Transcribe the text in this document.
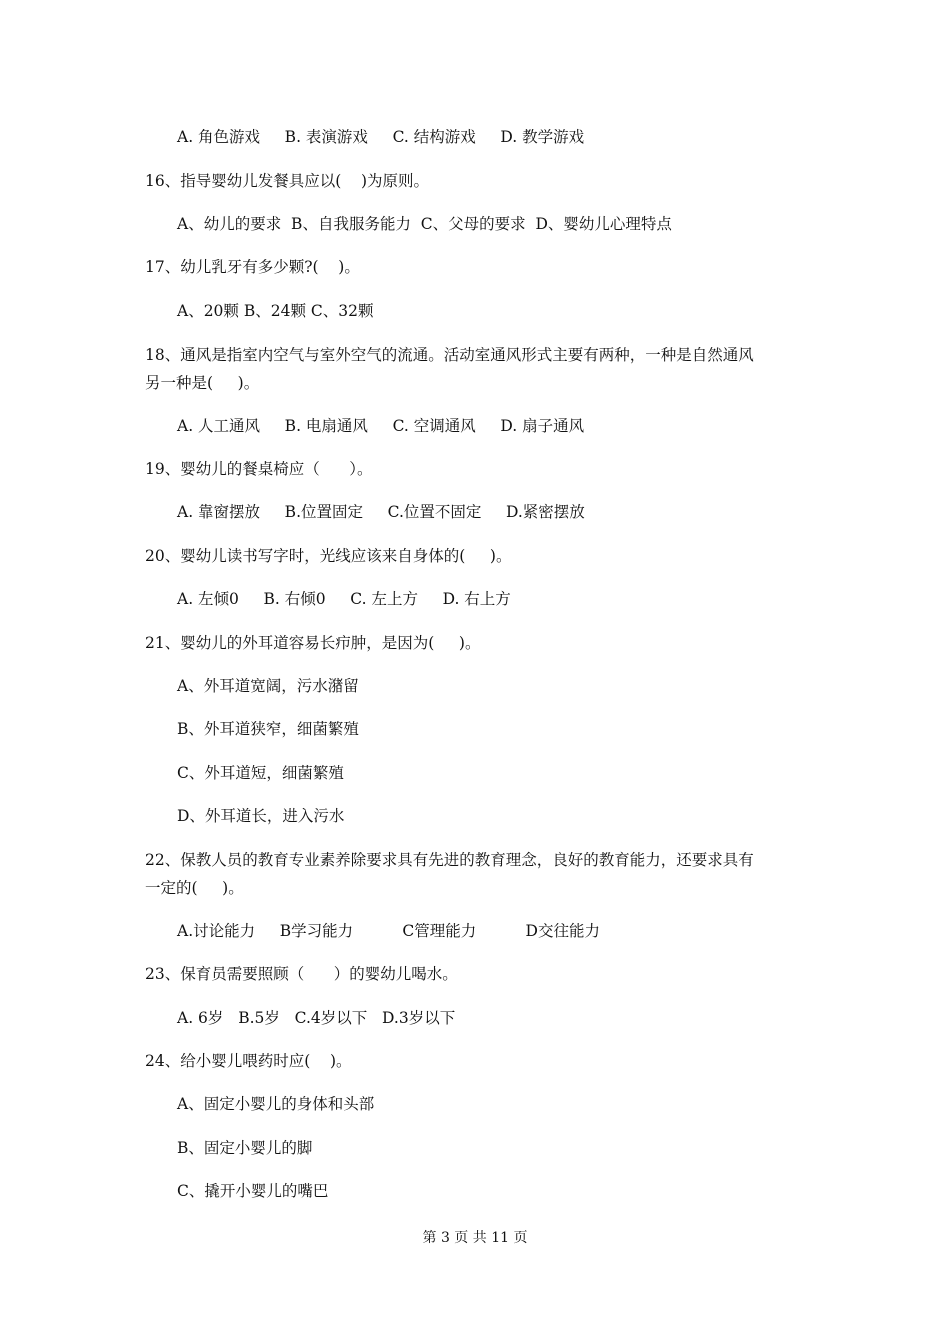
A. 角色游戏     B. 表演游戏     C. 结构游戏     D. 教学游戏
16、指导婴幼儿发餐具应以(    )为原则。
A、幼儿的要求  B、自我服务能力  C、父母的要求  D、婴幼儿心理特点
17、幼儿乳牙有多少颗?(    )。
A、20颗 B、24颗 C、32颗
18、通风是指室内空气与室外空气的流通。活动室通风形式主要有两种，一种是自然通风
另一种是(     )。
A. 人工通风     B. 电扇通风     C. 空调通风     D. 扇子通风
19、婴幼儿的餐桌椅应（      ）。
A. 靠窗摆放     B.位置固定     C.位置不固定     D.紧密摆放
20、婴幼儿读书写字时，光线应该来自身体的(     )。
A. 左倾0     B. 右倾0     C. 左上方     D. 右上方
21、婴幼儿的外耳道容易长疖肿，是因为(     )。
A、外耳道宽阔，污水潴留
B、外耳道狭窄，细菌繁殖
C、外耳道短，细菌繁殖
D、外耳道长，进入污水
22、保教人员的教育专业素养除要求具有先进的教育理念，良好的教育能力，还要求具有
一定的(     )。
A.讨论能力     B学习能力          C管理能力          D交往能力
23、保育员需要照顾（      ）的婴幼儿喝水。
A. 6岁   B.5岁   C.4岁以下   D.3岁以下
24、给小婴儿喂药时应(    )。
A、固定小婴儿的身体和头部
B、固定小婴儿的脚
C、撬开小婴儿的嘴巴
第 3 页 共 11 页
